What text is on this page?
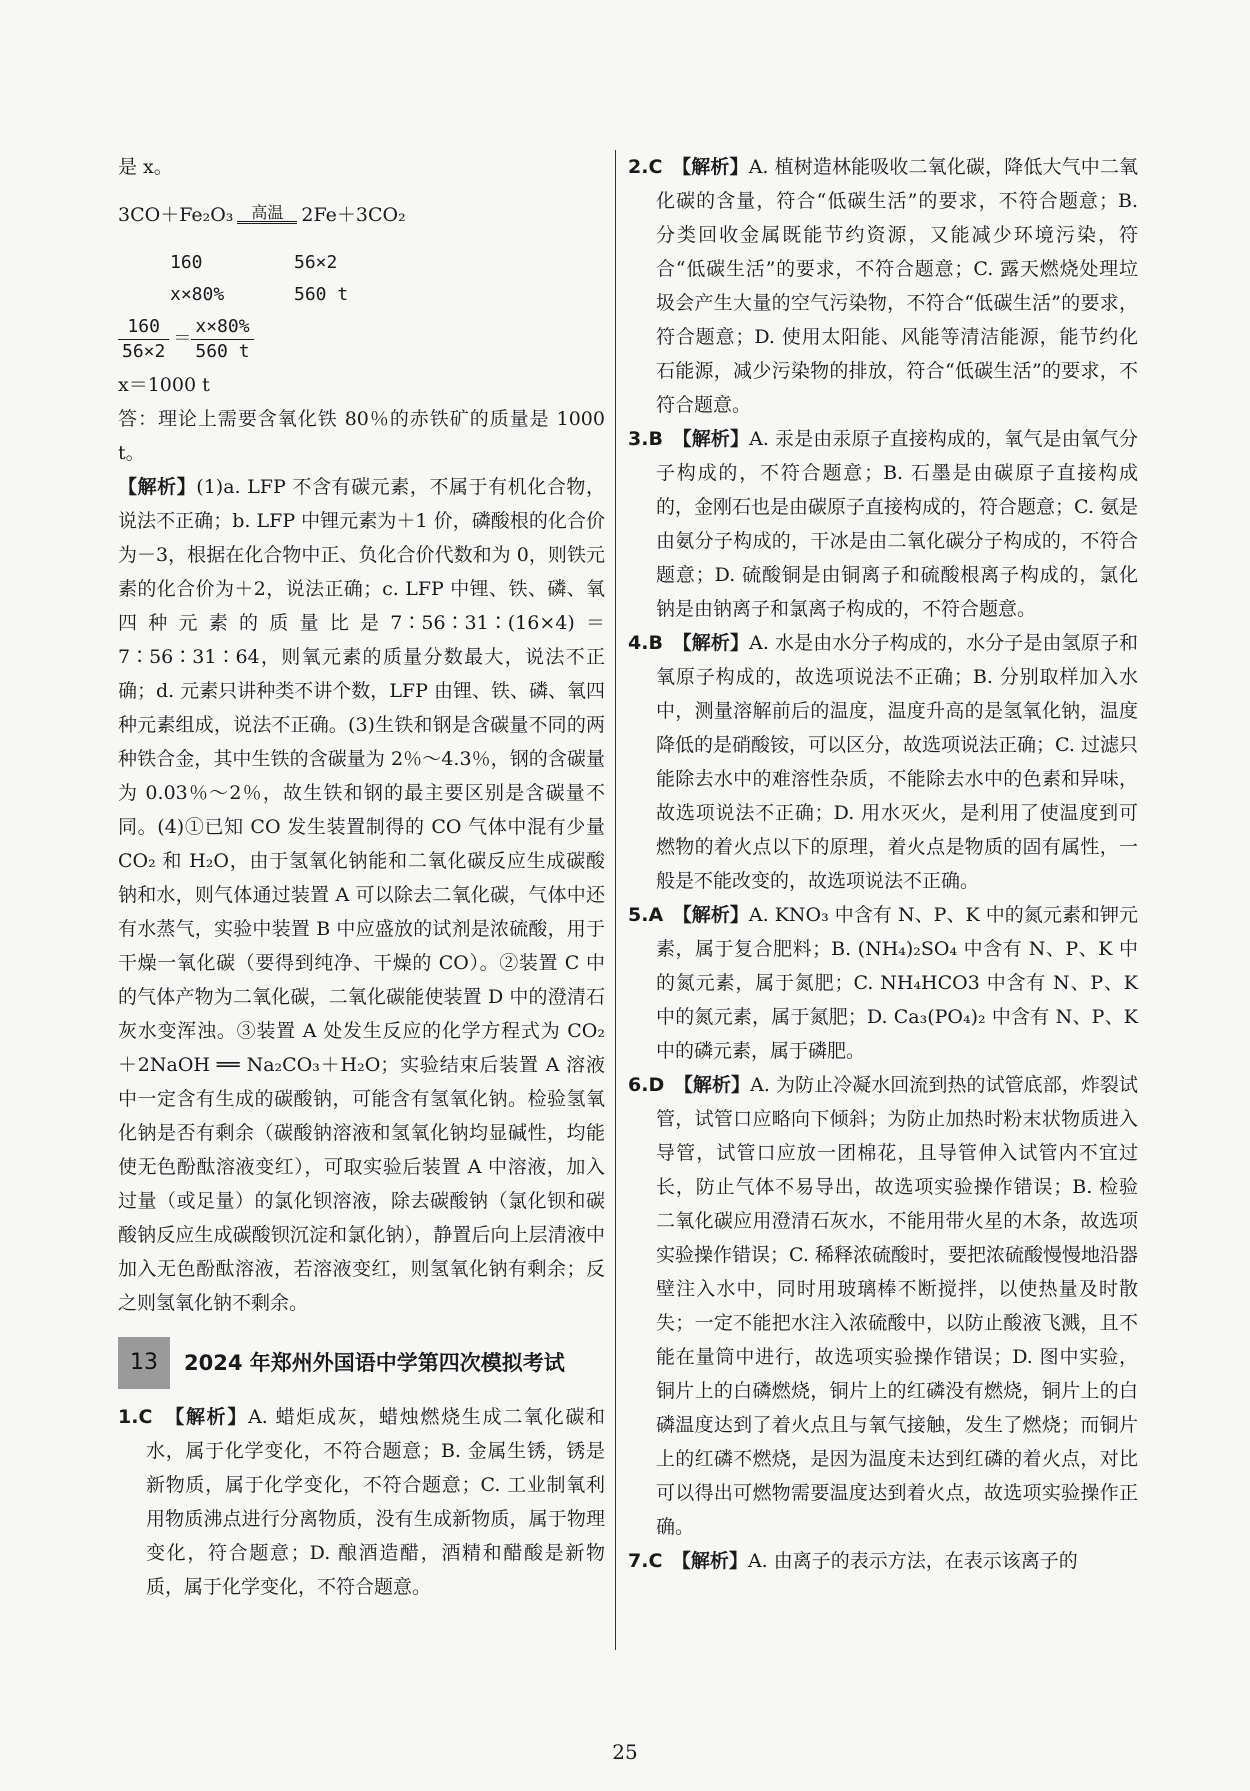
是 x。
3CO＋Fe₂O₃	高温 2Fe＋3CO₂
160	56×2
x×80%	560 t
$\frac{160}{56\times 2} = \frac{x\times 80\%}{560 t}$
x＝1000 t
答：理论上需要含氧化铁 80％的赤铁矿的质量是 1000 t。
【解析】(1)a. LFP 不含有碳元素，不属于有机化合物，说法不正确；b. LFP 中锂元素为＋1 价，磷酸根的化合价为－3，根据在化合物中正、负化合价代数和为 0，则铁元素的化合价为＋2，说法正确；c. LFP 中锂、铁、磷、氧四种元素的质量比是7∶56∶31∶(16×4)＝7∶56∶31∶64，则氧元素的质量分数最大，说法不正确；d. 元素只讲种类不讲个数，LFP 由锂、铁、磷、氧四种元素组成，说法不正确。(3)生铁和钢是含碳量不同的两种铁合金，其中生铁的含碳量为 2％～4.3％，钢的含碳量为 0.03％～2％，故生铁和钢的最主要区别是含碳量不同。(4)①已知 CO 发生装置制得的 CO 气体中混有少量 CO₂ 和 H₂O，由于氢氧化钠能和二氧化碳反应生成碳酸钠和水，则气体通过装置 A 可以除去二氧化碳，气体中还有水蒸气，实验中装置 B 中应盛放的试剂是浓硫酸，用于干燥一氧化碳（要得到纯净、干燥的 CO）。②装置 C 中的气体产物为二氧化碳，二氧化碳能使装置 D 中的澄清石灰水变浑浊。③装置 A 处发生反应的化学方程式为 CO₂＋2NaOH ══ Na₂CO₃＋H₂O；实验结束后装置 A 溶液中一定含有生成的碳酸钠，可能含有氢氧化钠。检验氢氧化钠是否有剩余（碳酸钠溶液和氢氧化钠均显碱性，均能使无色酚酞溶液变红），可取实验后装置 A 中溶液，加入过量（或足量）的氯化钡溶液，除去碳酸钠（氯化钡和碳酸钠反应生成碳酸钡沉淀和氯化钠），静置后向上层清液中加入无色酚酞溶液，若溶液变红，则氢氧化钠有剩余；反之则氢氧化钠不剩余。
13	2024 年郑州外国语中学第四次模拟考试
1.C　 【解析】A. 蜡炬成灰，蜡烛燃烧生成二氧化碳和水，属于化学变化，不符合题意；B. 金属生锈，锈是新物质，属于化学变化，不符合题意；C. 工业制氧利用物质沸点进行分离物质，没有生成新物质，属于物理变化，符合题意；D. 酿酒造醋，酒精和醋酸是新物质，属于化学变化，不符合题意。
2.C　 【解析】A. 植树造林能吸收二氧化碳，降低大气中二氧化碳的含量，符合“低碳生活”的要求，不符合题意；B. 分类回收金属既能节约资源，又能减少环境污染，符合“低碳生活”的要求，不符合题意；C. 露天燃烧处理垃圾会产生大量的空气污染物，不符合“低碳生活”的要求，符合题意；D. 使用太阳能、风能等清洁能源，能节约化石能源，减少污染物的排放，符合“低碳生活”的要求，不符合题意。
3.B　 【解析】A. 汞是由汞原子直接构成的，氧气是由氧气分子构成的，不符合题意；B. 石墨是由碳原子直接构成的，金刚石也是由碳原子直接构成的，符合题意；C. 氨是由氨分子构成的，干冰是由二氧化碳分子构成的，不符合题意；D. 硫酸铜是由铜离子和硫酸根离子构成的，氯化钠是由钠离子和氯离子构成的，不符合题意。
4.B　 【解析】A. 水是由水分子构成的，水分子是由氢原子和氧原子构成的，故选项说法不正确；B. 分别取样加入水中，测量溶解前后的温度，温度升高的是氢氧化钠，温度降低的是硝酸铵，可以区分，故选项说法正确；C. 过滤只能除去水中的难溶性杂质，不能除去水中的色素和异味，故选项说法不正确；D. 用水灭火，是利用了使温度到可燃物的着火点以下的原理，着火点是物质的固有属性，一般是不能改变的，故选项说法不正确。
5.A　 【解析】A. KNO₃ 中含有 N、P、K 中的氮元素和钾元素，属于复合肥料；B. (NH₄)₂SO₄ 中含有 N、P、K 中的氮元素，属于氮肥；C. NH₄HCO3 中含有 N、P、K 中的氮元素，属于氮肥；D. Ca₃(PO₄)₂ 中含有 N、P、K 中的磷元素，属于磷肥。
6.D　 【解析】A. 为防止冷凝水回流到热的试管底部，炸裂试管，试管口应略向下倾斜；为防止加热时粉末状物质进入导管，试管口应放一团棉花，且导管伸入试管内不宜过长，防止气体不易导出，故选项实验操作错误；B. 检验二氧化碳应用澄清石灰水，不能用带火星的木条，故选项实验操作错误；C. 稀释浓硫酸时，要把浓硫酸慢慢地沿器壁注入水中，同时用玻璃棒不断搅拌，以使热量及时散失；一定不能把水注入浓硫酸中，以防止酸液飞溅，且不能在量筒中进行，故选项实验操作错误；D. 图中实验，铜片上的白磷燃烧，铜片上的红磷没有燃烧，铜片上的白磷温度达到了着火点且与氧气接触，发生了燃烧；而铜片上的红磷不燃烧，是因为温度未达到红磷的着火点，对比可以得出可燃物需要温度达到着火点，故选项实验操作正确。
7.C　 【解析】A. 由离子的表示方法，在表示该离子的
25
